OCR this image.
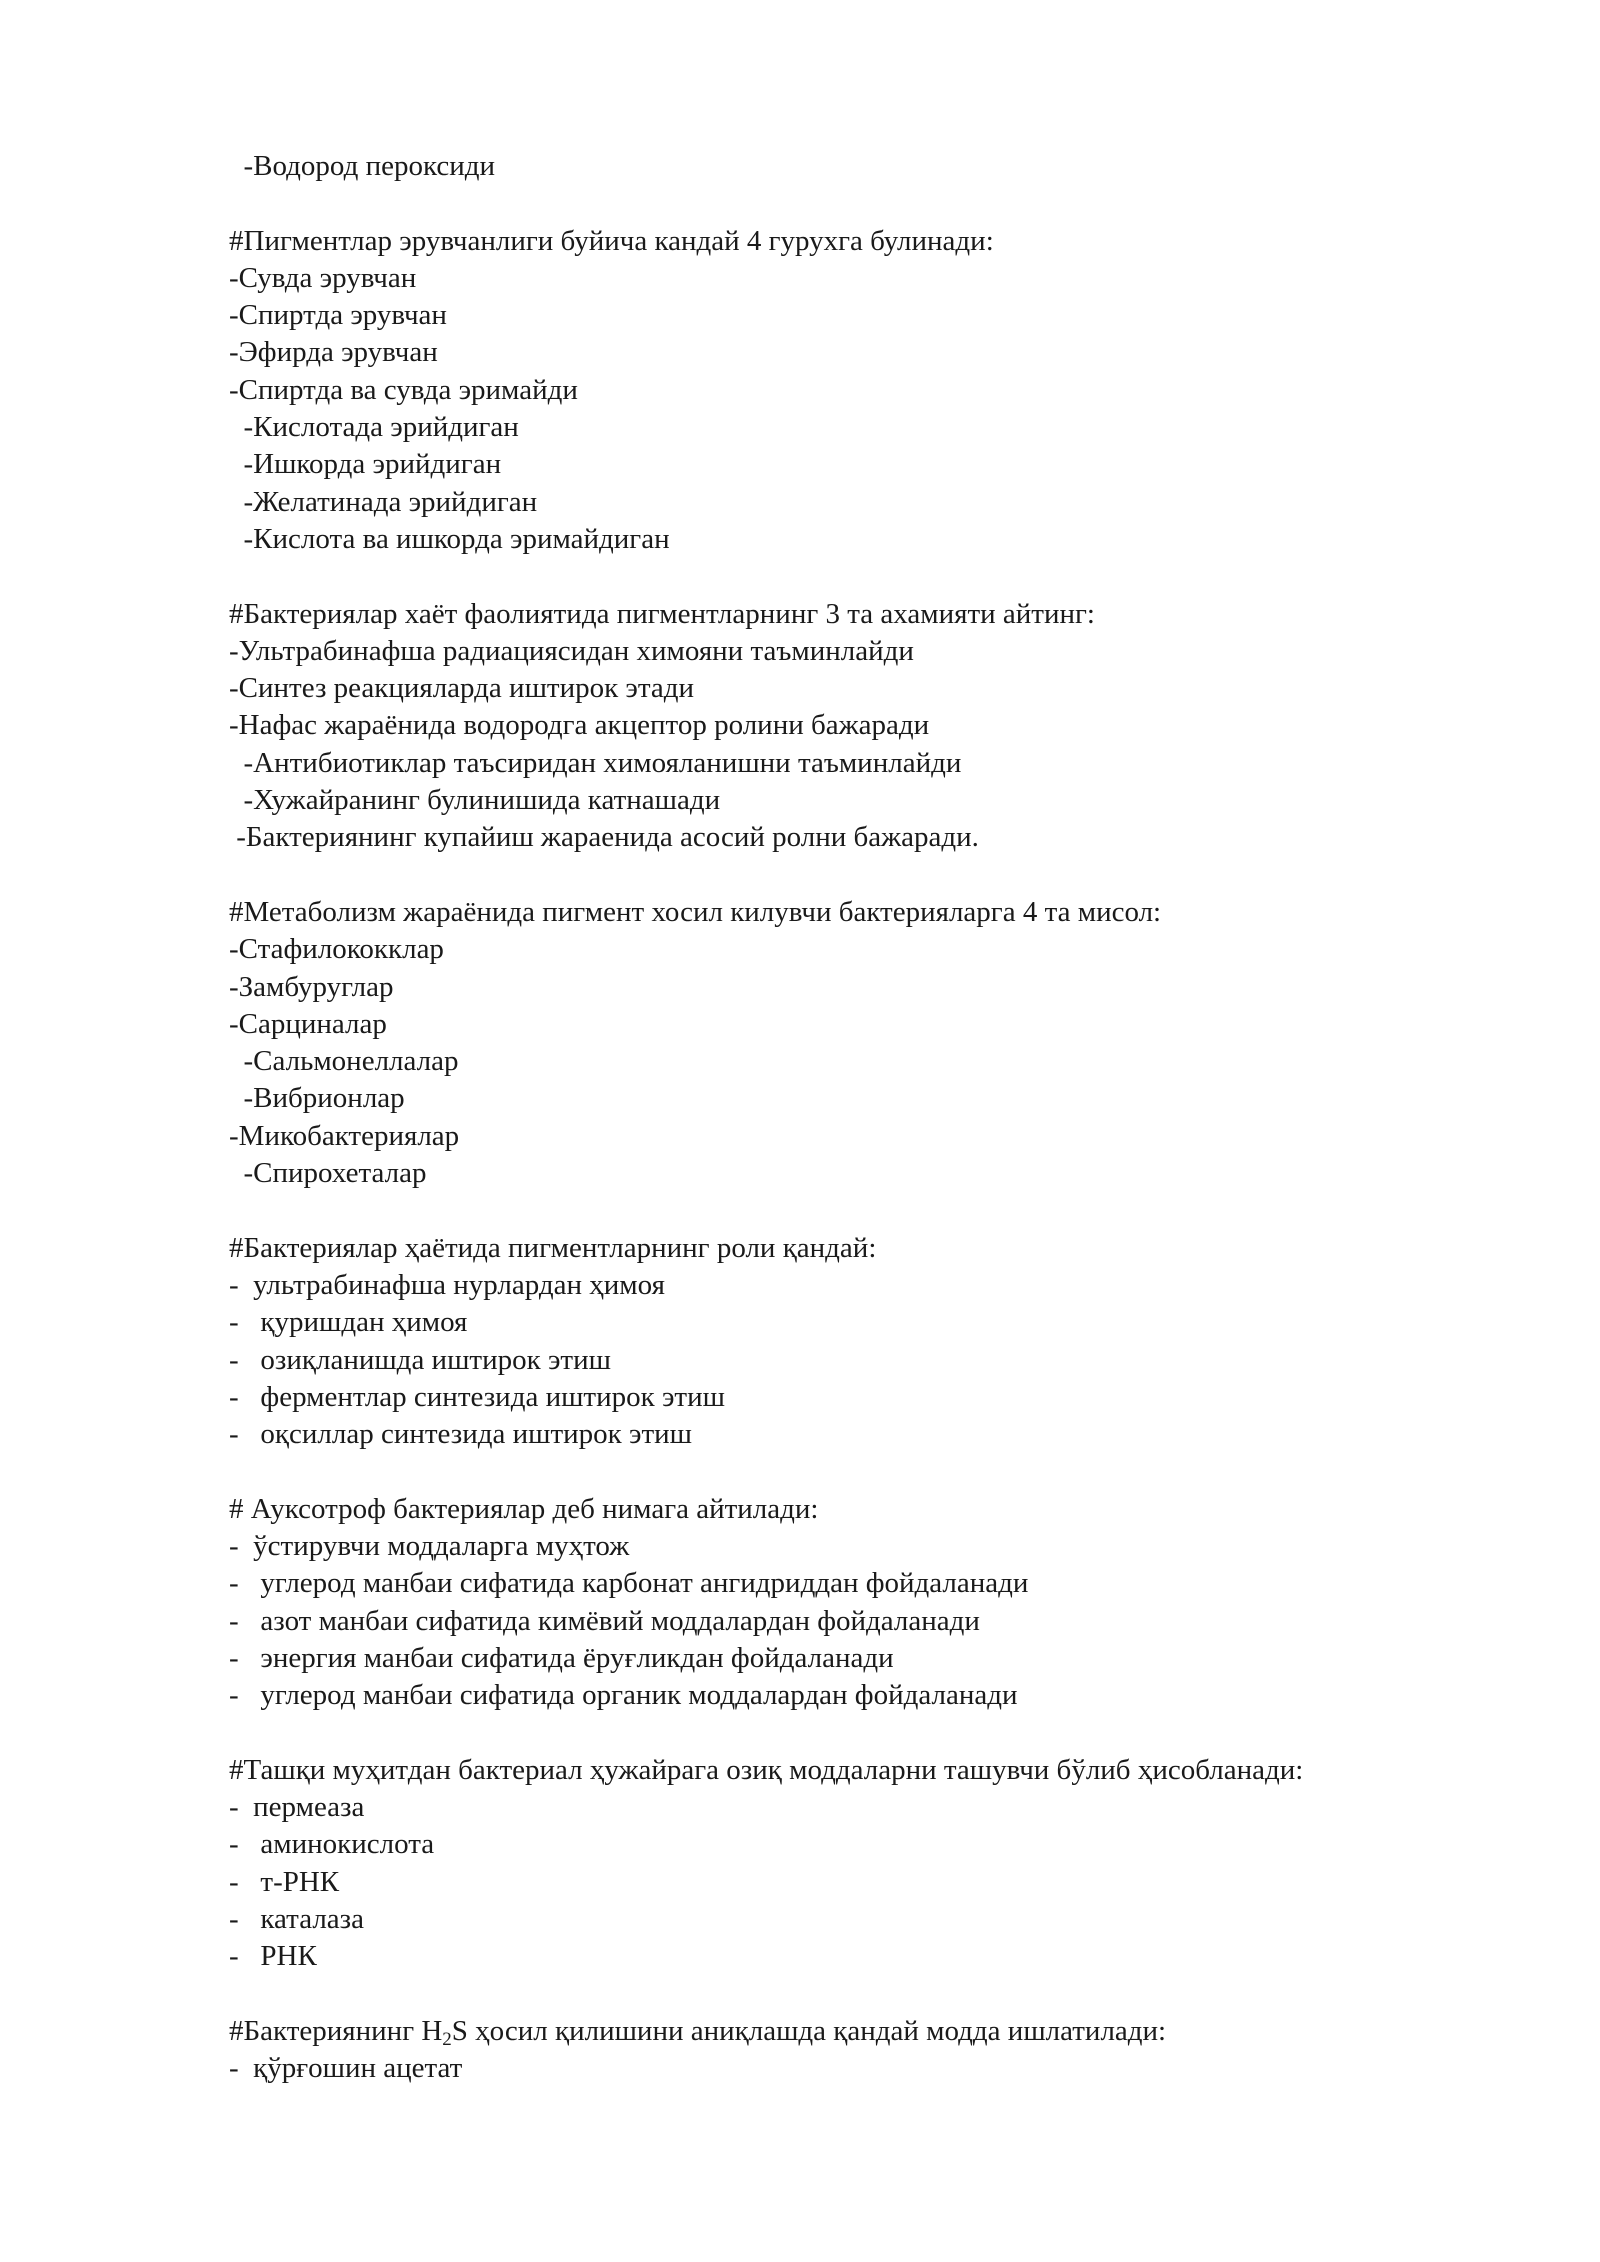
-Водород пероксиди
#Пигментлар эрувчанлиги буйича кандай 4 гурухга булинади:
-Сувда эрувчан
-Спиртда эрувчан
-Эфирда эрувчан
-Спиртда ва сувда эримайди
-Кислотада эрийдиган
-Ишкорда эрийдиган
-Желатинада эрийдиган
-Кислота ва ишкорда эримайдиган
#Бактериялар хаёт фаолиятида пигментларнинг 3 та ахамияти айтинг:
-Ультрабинафша радиациясидан химояни таъминлайди
-Синтез реакцияларда иштирок этади
-Нафас жараёнида водородга акцептор ролини бажаради
-Антибиотиклар таъсиридан химояланишни таъминлайди
-Хужайранинг булинишида катнашади
-Бактериянинг купайиш жараенида асосий ролни бажаради.
#Метаболизм жараёнида пигмент хосил килувчи бактерияларга 4 та мисол:
-Стафилококклар
-Замбуруглар
-Сарциналар
-Сальмонеллалар
-Вибрионлар
-Микобактериялар
-Спирохеталар
#Бактериялар ҳаётида пигментларнинг роли қандай:
-  ультрабинафша нурлардан ҳимоя
-   қуришдан ҳимоя
-   озиқланишда иштирок этиш
-   ферментлар синтезида иштирок этиш
-   оқсиллар синтезида иштирок этиш
# Ауксотроф бактериялар деб нимага айтилади:
-  ўстирувчи моддаларга муҳтож
-   углерод манбаи сифатида карбонат ангидриддан фойдаланади
-   азот манбаи сифатида кимёвий моддалардан фойдаланади
-   энергия манбаи сифатида ёруғликдан фойдаланади
-   углерод манбаи сифатида органик моддалардан фойдаланади
#Ташқи муҳитдан бактериал ҳужайрага озиқ моддаларни ташувчи бўлиб ҳисобланади:
-  пермеаза
-   аминокислота
-   т-РНК
-   каталаза
-   РНК
#Бактериянинг $H_2S$ ҳосил қилишини аниқлашда қандай модда ишлатилади:
-  қўрғошин ацетат
